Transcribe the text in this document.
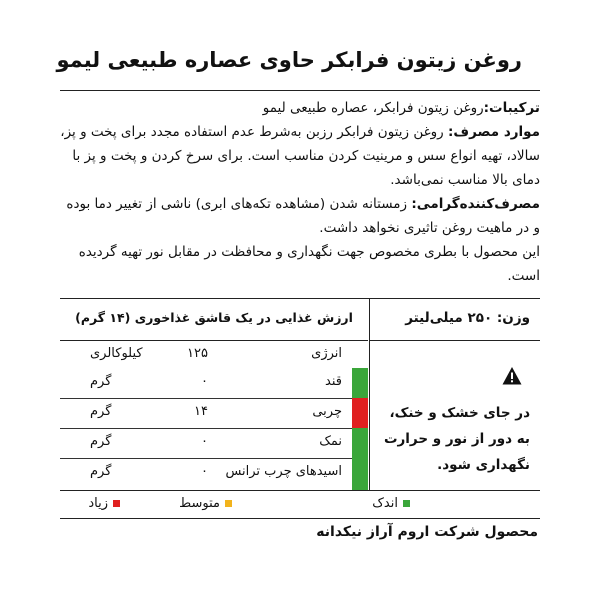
روغن زیتون فرابکر حاوی عصاره طبیعی لیمو

ترکیبات:روغن زیتون فرابکر، عصاره طبیعی لیمو

موارد مصرف: روغن زیتون فرابکر رزبن به‌شرط عدم استفاده مجدد برای پخت و پز، سالاد، تهیه انواع سس و مرینیت کردن مناسب است. برای سرخ کردن و پخت و پز با دمای بالا مناسب نمی‌باشد.

مصرف‌کننده‌گرامی: زمستانه شدن (مشاهده تکه‌های ابری) ناشی از تغییر دما بوده و در ماهیت روغن تاثیری نخواهد داشت.

این محصول با بطری مخصوص جهت نگهداری و محافظت در مقابل نور تهیه گردیده است.

وزن: ۲۵۰ میلی‌لیتر
در جای خشک و خنک، به دور از نور و حرارت نگهداری شود.
ارزش غذایی در یک قاشق غذاخوری (۱۴ گرم)
انرژی
۱۲۵
کیلوکالری
قند
۰
گرم
چربی
۱۴
گرم
نمک
۰
گرم
اسیدهای چرب ترانس
۰
گرم
اندک
متوسط
زیاد
محصول شرکت اروم آراز نیکدانه
